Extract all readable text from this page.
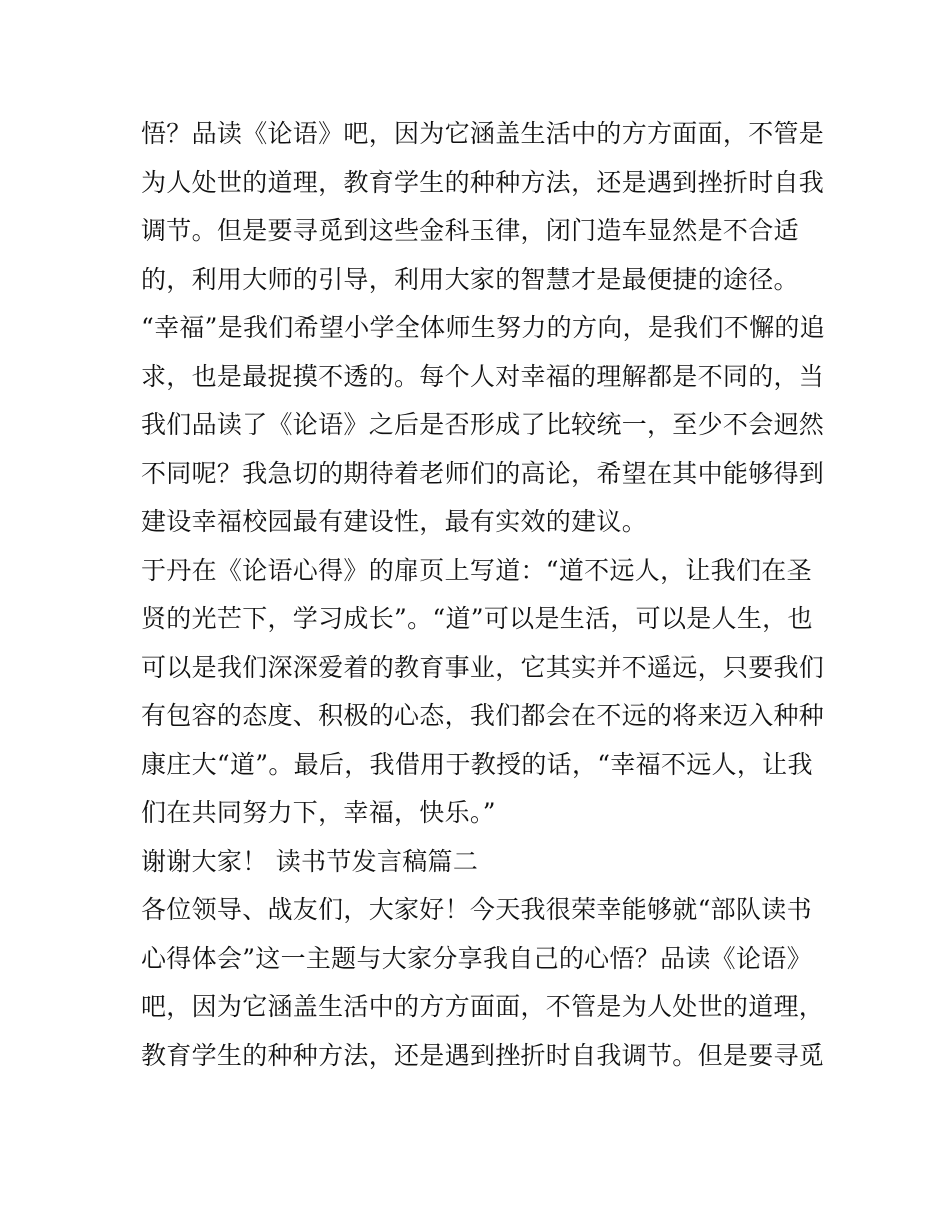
悟？品读《论语》吧，因为它涵盖生活中的方方面面，不管是
为人处世的道理，教育学生的种种方法，还是遇到挫折时自我
调节。但是要寻觅到这些金科玉律，闭门造车显然是不合适
的，利用大师的引导，利用大家的智慧才是最便捷的途径。
“幸福”是我们希望小学全体师生努力的方向，是我们不懈的追
求，也是最捉摸不透的。每个人对幸福的理解都是不同的，当
我们品读了《论语》之后是否形成了比较统一，至少不会迥然
不同呢？我急切的期待着老师们的高论，希望在其中能够得到
建设幸福校园最有建设性，最有实效的建议。
于丹在《论语心得》的扉页上写道：“道不远人，让我们在圣
贤的光芒下，学习成长”。“道”可以是生活，可以是人生，也
可以是我们深深爱着的教育事业，它其实并不遥远，只要我们
有包容的态度、积极的心态，我们都会在不远的将来迈入种种
康庄大“道”。最后，我借用于教授的话，“幸福不远人，让我
们在共同努力下，幸福，快乐。”
谢谢大家！ 读书节发言稿篇二
各位领导、战友们，大家好！今天我很荣幸能够就“部队读书
心得体会”这一主题与大家分享我自己的心悟？品读《论语》
吧，因为它涵盖生活中的方方面面，不管是为人处世的道理，
教育学生的种种方法，还是遇到挫折时自我调节。但是要寻觅
